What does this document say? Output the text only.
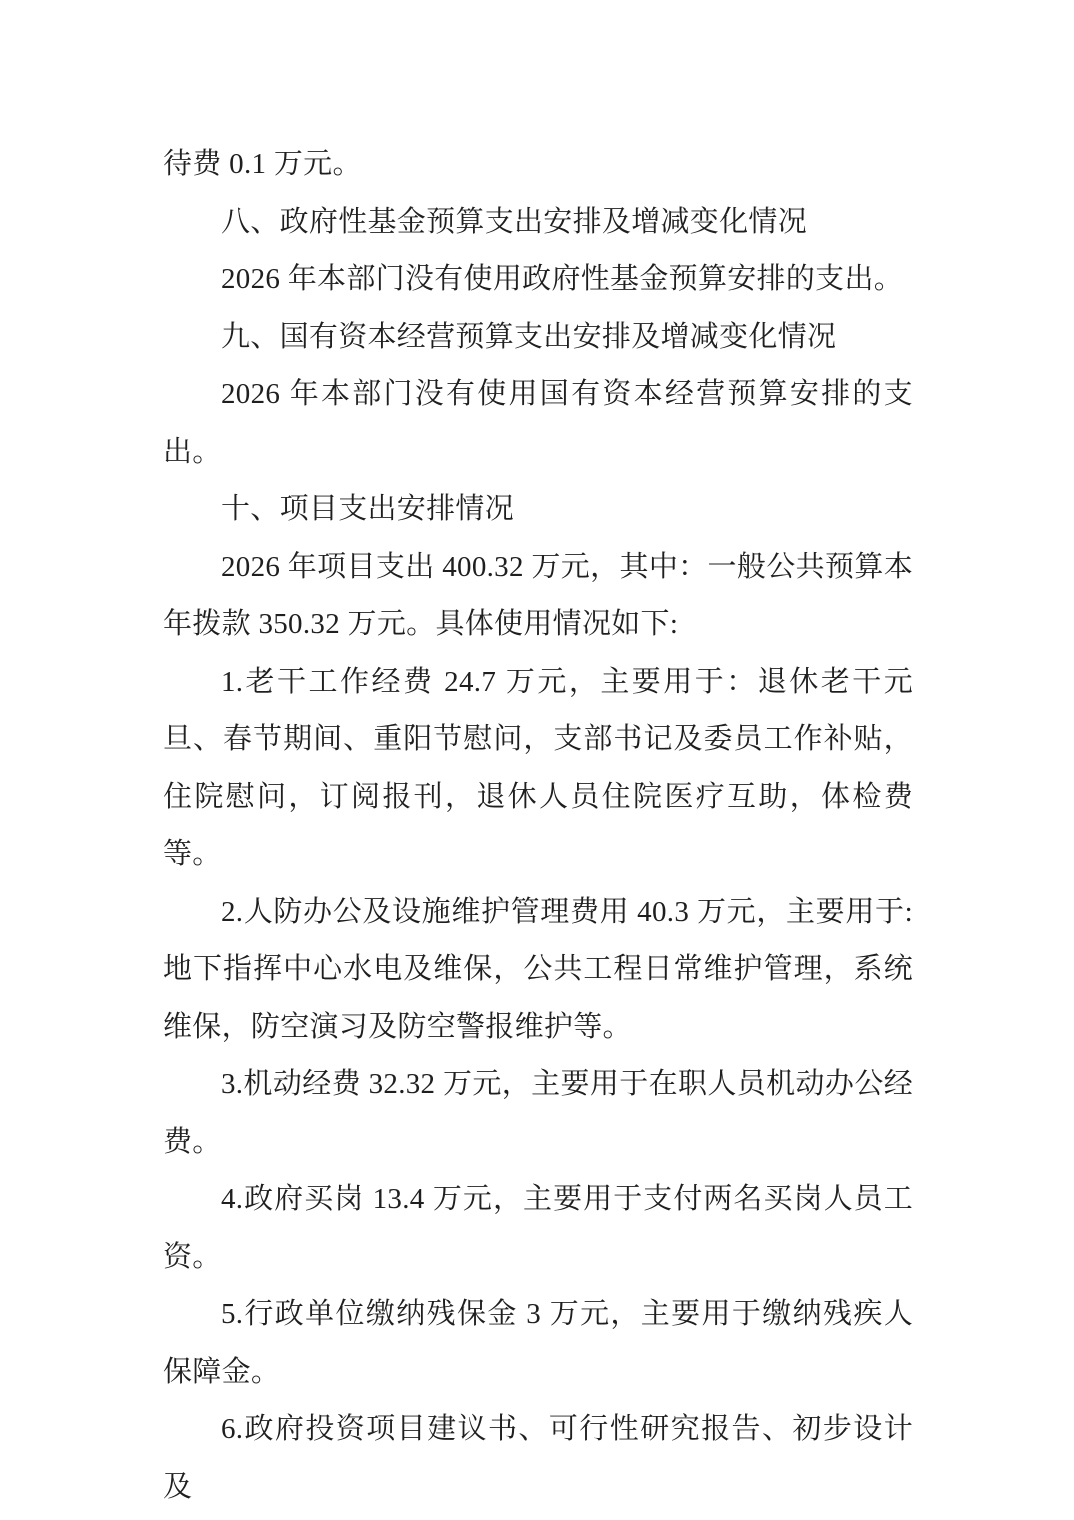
待费 0.1 万元。

八、政府性基金预算支出安排及增减变化情况

2026 年本部门没有使用政府性基金预算安排的支出。

九、国有资本经营预算支出安排及增减变化情况

2026 年本部门没有使用国有资本经营预算安排的支出。

十、项目支出安排情况

2026 年项目支出 400.32 万元，其中：一般公共预算本年拨款 350.32 万元。具体使用情况如下:

1.老干工作经费 24.7 万元，主要用于：退休老干元旦、春节期间、重阳节慰问，支部书记及委员工作补贴，住院慰问，订阅报刊，退休人员住院医疗互助，体检费等。

2.人防办公及设施维护管理费用 40.3 万元，主要用于:地下指挥中心水电及维保，公共工程日常维护管理，系统维保，防空演习及防空警报维护等。

3.机动经费 32.32 万元，主要用于在职人员机动办公经费。

4.政府买岗 13.4 万元，主要用于支付两名买岗人员工资。

5.行政单位缴纳残保金 3 万元，主要用于缴纳残疾人保障金。

6.政府投资项目建议书、可行性研究报告、初步设计及
